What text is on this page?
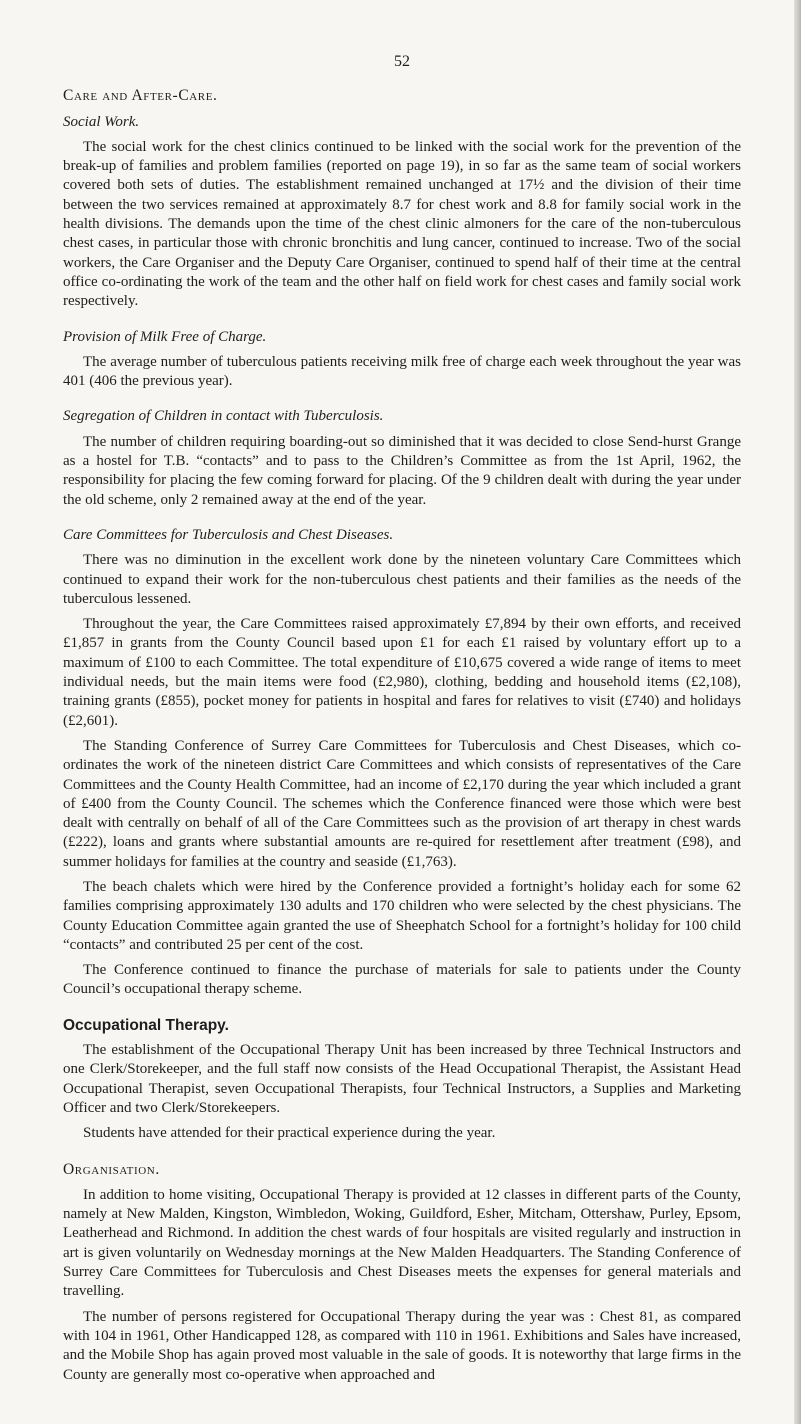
52
Care and After-Care.
Social Work.

The social work for the chest clinics continued to be linked with the social work for the prevention of the break-up of families and problem families (reported on page 19), in so far as the same team of social workers covered both sets of duties. The establishment remained unchanged at 17½ and the division of their time between the two services remained at approximately 8.7 for chest work and 8.8 for family social work in the health divisions. The demands upon the time of the chest clinic almoners for the care of the non-tuberculous chest cases, in particular those with chronic bronchitis and lung cancer, continued to increase. Two of the social workers, the Care Organiser and the Deputy Care Organiser, continued to spend half of their time at the central office co-ordinating the work of the team and the other half on field work for chest cases and family social work respectively.

Provision of Milk Free of Charge.

The average number of tuberculous patients receiving milk free of charge each week throughout the year was 401 (406 the previous year).

Segregation of Children in contact with Tuberculosis.

The number of children requiring boarding-out so diminished that it was decided to close Send-hurst Grange as a hostel for T.B. “contacts” and to pass to the Children’s Committee as from the 1st April, 1962, the responsibility for placing the few coming forward for placing. Of the 9 children dealt with during the year under the old scheme, only 2 remained away at the end of the year.

Care Committees for Tuberculosis and Chest Diseases.

There was no diminution in the excellent work done by the nineteen voluntary Care Committees which continued to expand their work for the non-tuberculous chest patients and their families as the needs of the tuberculous lessened.

Throughout the year, the Care Committees raised approximately £7,894 by their own efforts, and received £1,857 in grants from the County Council based upon £1 for each £1 raised by voluntary effort up to a maximum of £100 to each Committee. The total expenditure of £10,675 covered a wide range of items to meet individual needs, but the main items were food (£2,980), clothing, bedding and household items (£2,108), training grants (£855), pocket money for patients in hospital and fares for relatives to visit (£740) and holidays (£2,601).

The Standing Conference of Surrey Care Committees for Tuberculosis and Chest Diseases, which co-ordinates the work of the nineteen district Care Committees and which consists of representatives of the Care Committees and the County Health Committee, had an income of £2,170 during the year which included a grant of £400 from the County Council. The schemes which the Conference financed were those which were best dealt with centrally on behalf of all of the Care Committees such as the provision of art therapy in chest wards (£222), loans and grants where substantial amounts are re-quired for resettlement after treatment (£98), and summer holidays for families at the country and seaside (£1,763).

The beach chalets which were hired by the Conference provided a fortnight’s holiday each for some 62 families comprising approximately 130 adults and 170 children who were selected by the chest physicians. The County Education Committee again granted the use of Sheephatch School for a fortnight’s holiday for 100 child “contacts” and contributed 25 per cent of the cost.

The Conference continued to finance the purchase of materials for sale to patients under the County Council’s occupational therapy scheme.

Occupational Therapy.

The establishment of the Occupational Therapy Unit has been increased by three Technical Instructors and one Clerk/Storekeeper, and the full staff now consists of the Head Occupational Therapist, the Assistant Head Occupational Therapist, seven Occupational Therapists, four Technical Instructors, a Supplies and Marketing Officer and two Clerk/Storekeepers.

Students have attended for their practical experience during the year.

Organisation.

In addition to home visiting, Occupational Therapy is provided at 12 classes in different parts of the County, namely at New Malden, Kingston, Wimbledon, Woking, Guildford, Esher, Mitcham, Ottershaw, Purley, Epsom, Leatherhead and Richmond. In addition the chest wards of four hospitals are visited regularly and instruction in art is given voluntarily on Wednesday mornings at the New Malden Headquarters. The Standing Conference of Surrey Care Committees for Tuberculosis and Chest Diseases meets the expenses for general materials and travelling.

The number of persons registered for Occupational Therapy during the year was : Chest 81, as compared with 104 in 1961, Other Handicapped 128, as compared with 110 in 1961. Exhibitions and Sales have increased, and the Mobile Shop has again proved most valuable in the sale of goods. It is noteworthy that large firms in the County are generally most co-operative when approached and
